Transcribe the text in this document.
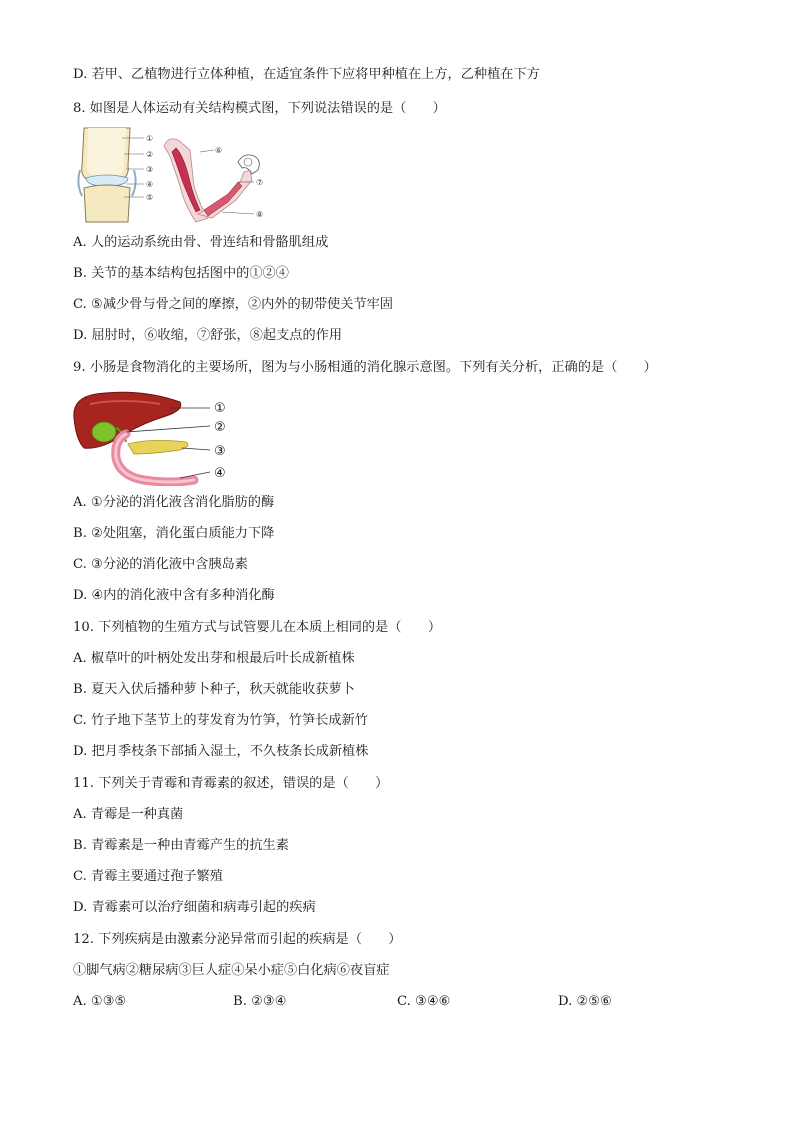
D. 若甲、乙植物进行立体种植，在适宜条件下应将甲种植在上方，乙种植在下方
8. 如图是人体运动有关结构模式图，下列说法错误的是（　　）
①
②
③
④
⑤
⑥
⑦
⑧
A. 人的运动系统由骨、骨连结和骨骼肌组成
B. 关节的基本结构包括图中的①②④
C. ⑤减少骨与骨之间的摩擦，②内外的韧带使关节牢固
D. 屈肘时，⑥收缩，⑦舒张，⑧起支点的作用
9. 小肠是食物消化的主要场所，图为与小肠相通的消化腺示意图。下列有关分析，正确的是（　　）
①
②
③
④
A. ①分泌的消化液含消化脂肪的酶
B. ②处阻塞，消化蛋白质能力下降
C. ③分泌的消化液中含胰岛素
D. ④内的消化液中含有多种消化酶
10. 下列植物的生殖方式与试管婴儿在本质上相同的是（　　）
A. 椒草叶的叶柄处发出芽和根最后叶长成新植株
B. 夏天入伏后播种萝卜种子，秋天就能收获萝卜
C. 竹子地下茎节上的芽发育为竹笋，竹笋长成新竹
D. 把月季枝条下部插入湿土，不久枝条长成新植株
11. 下列关于青霉和青霉素的叙述，错误的是（　　）
A. 青霉是一种真菌
B. 青霉素是一种由青霉产生的抗生素
C. 青霉主要通过孢子繁殖
D. 青霉素可以治疗细菌和病毒引起的疾病
12. 下列疾病是由激素分泌异常而引起的疾病是（　　）
①脚气病②糖尿病③巨人症④呆小症⑤白化病⑥夜盲症
A. ①③⑤	B. ②③④	C. ③④⑥	D. ②⑤⑥
